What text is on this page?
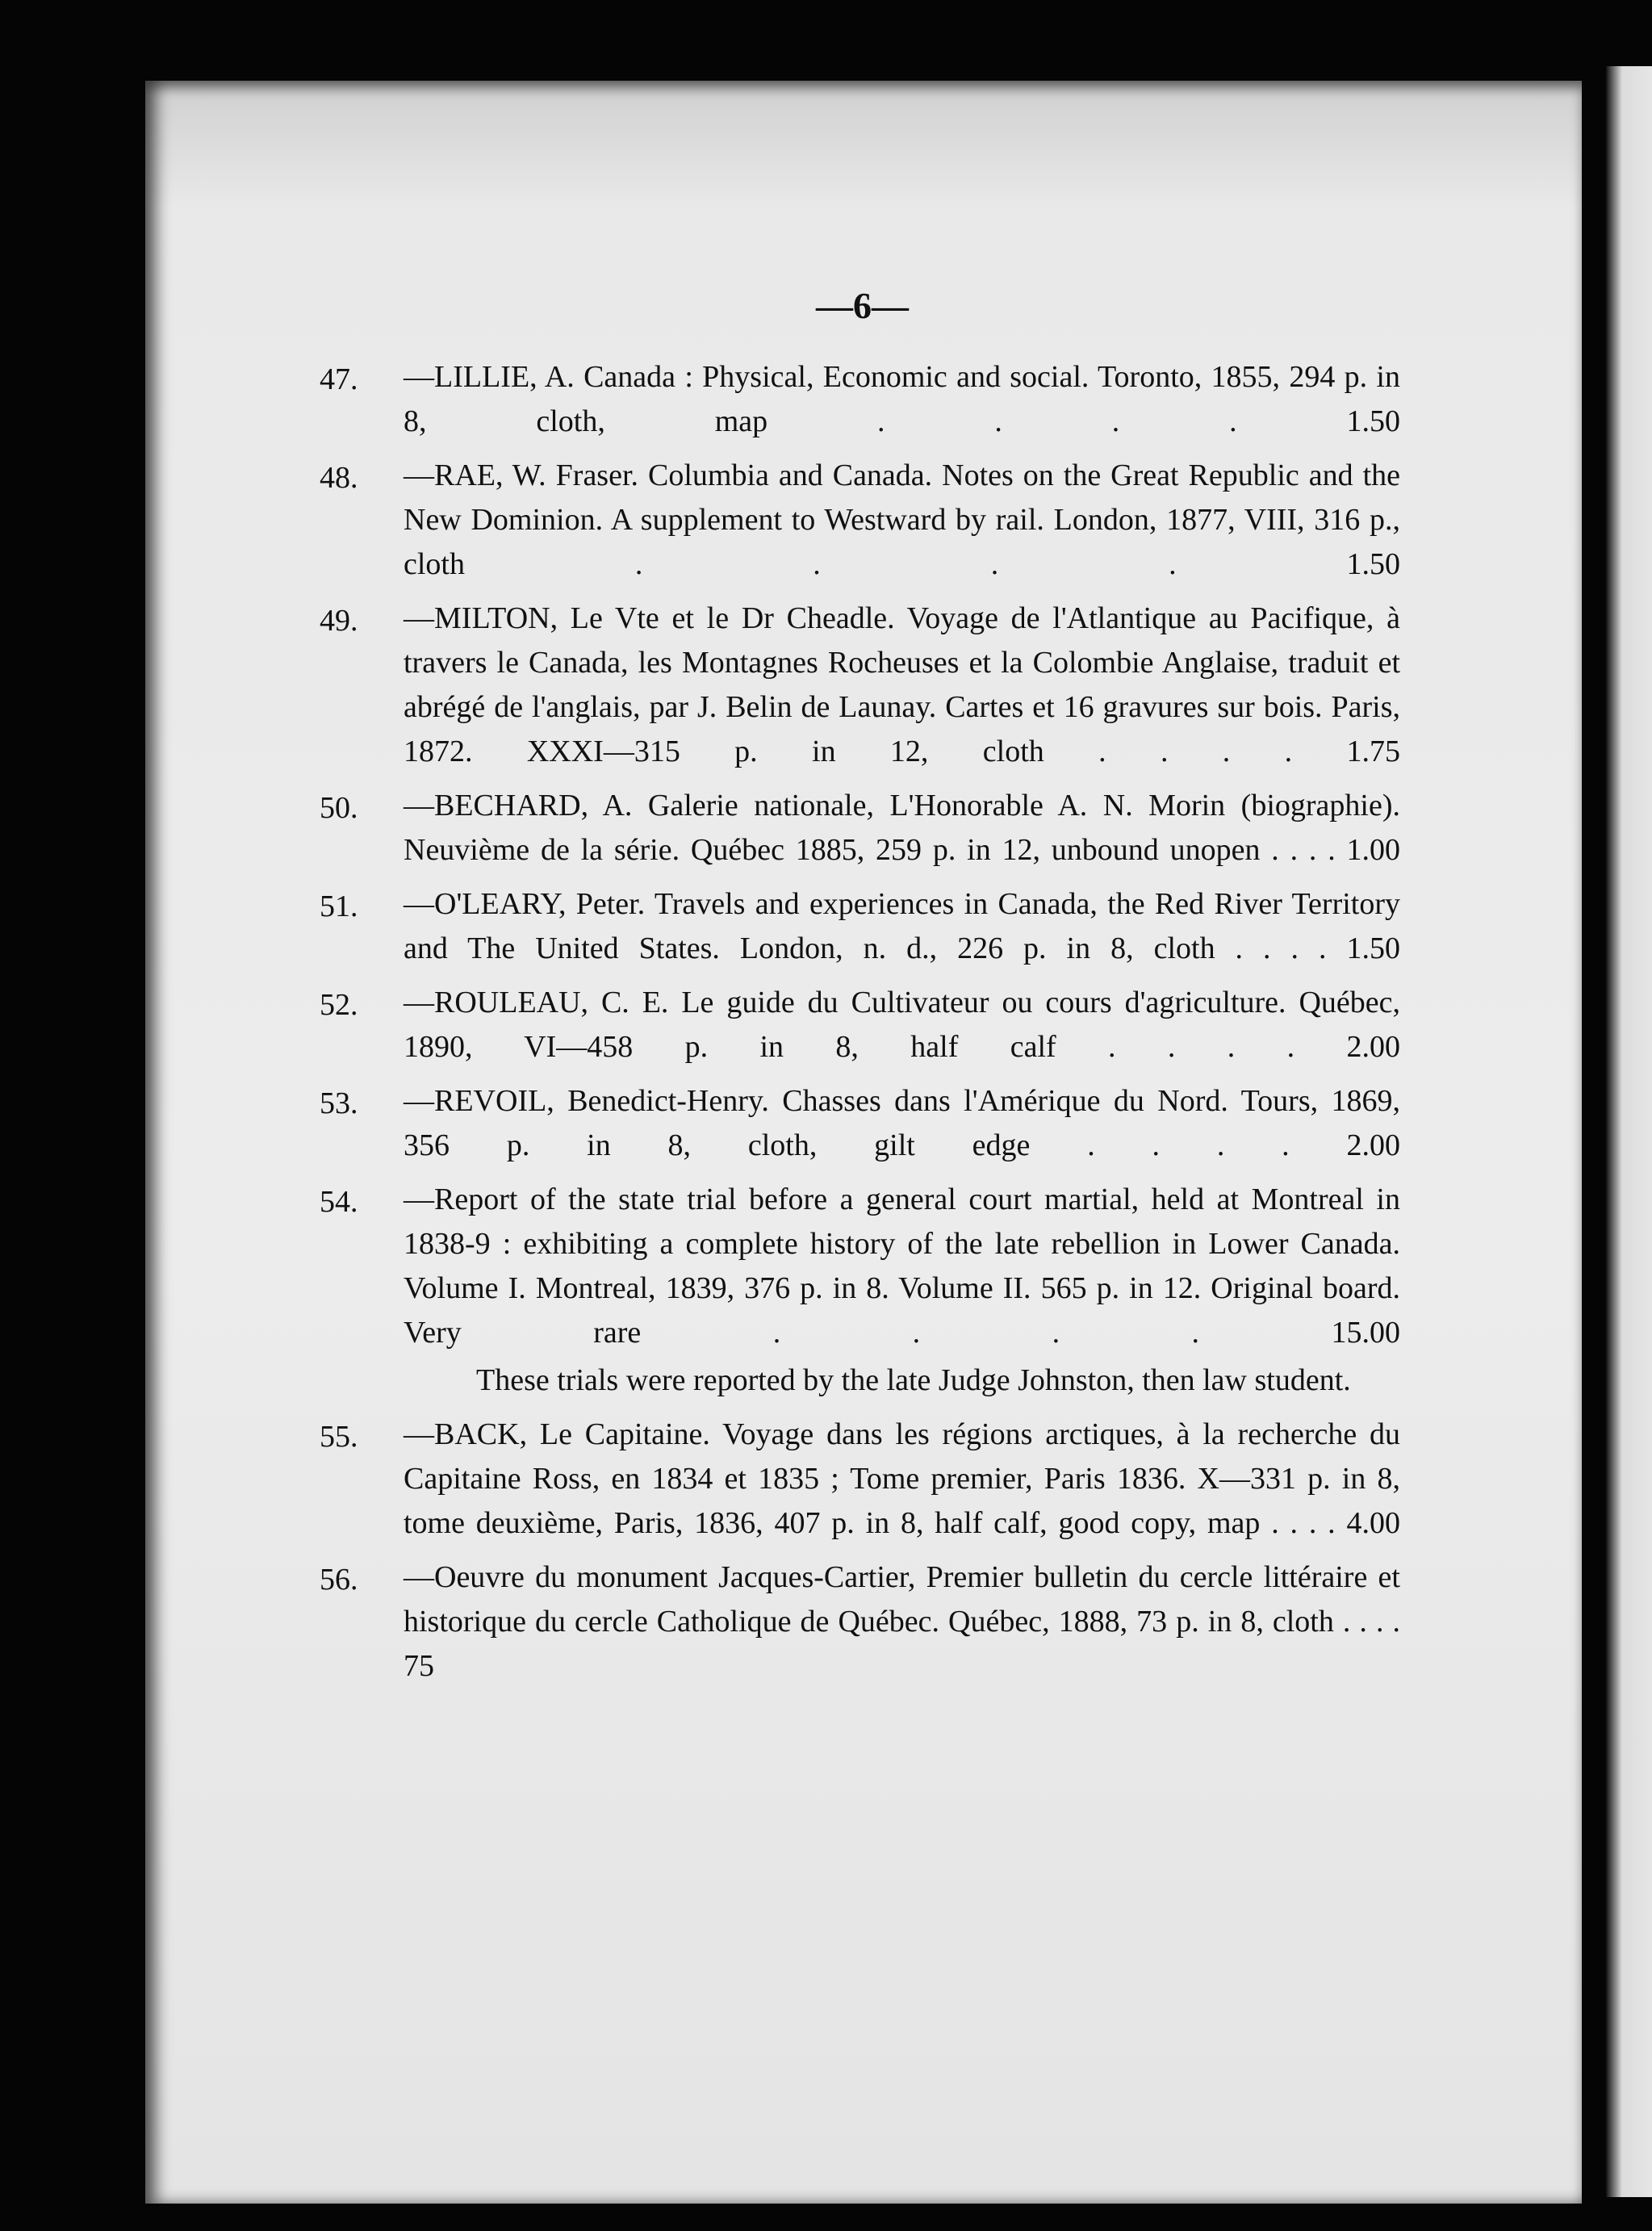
—6—
47. —LILLIE, A. Canada : Physical, Economic and social. Toronto, 1855, 294 p. in 8, cloth, map . . . . 1.50
48. —RAE, W. Fraser. Columbia and Canada. Notes on the Great Republic and the New Dominion. A supplement to Westward by rail. London, 1877, VIII, 316 p., cloth . . . . 1.50
49. —MILTON, Le Vte et le Dr Cheadle. Voyage de l'Atlantique au Pacifique, à travers le Canada, les Montagnes Rocheuses et la Colombie Anglaise, traduit et abrégé de l'anglais, par J. Belin de Launay. Cartes et 16 gravures sur bois. Paris, 1872. XXXI—315 p. in 12, cloth . . . . 1.75
50. —BECHARD, A. Galerie nationale, L'Honorable A. N. Morin (biographie). Neuvième de la série. Québec 1885, 259 p. in 12, unbound unopen . . . . 1.00
51. —O'LEARY, Peter. Travels and experiences in Canada, the Red River Territory and The United States. London, n. d., 226 p. in 8, cloth . . . . 1.50
52. —ROULEAU, C. E. Le guide du Cultivateur ou cours d'agriculture. Québec, 1890, VI—458 p. in 8, half calf . . . . 2.00
53. —REVOIL, Benedict-Henry. Chasses dans l'Amérique du Nord. Tours, 1869, 356 p. in 8, cloth, gilt edge . . . . 2.00
54. —Report of the state trial before a general court martial, held at Montreal in 1838-9 : exhibiting a complete history of the late rebellion in Lower Canada. Volume I. Montreal, 1839, 376 p. in 8. Volume II. 565 p. in 12. Original board. Very rare . . . . 15.00
These trials were reported by the late Judge Johnston, then law student.
55. —BACK, Le Capitaine. Voyage dans les régions arctiques, à la recherche du Capitaine Ross, en 1834 et 1835 ; Tome premier, Paris 1836. X—331 p. in 8, tome deuxième, Paris, 1836, 407 p. in 8, half calf, good copy, map . . . . 4.00
56. —Oeuvre du monument Jacques-Cartier, Premier bulletin du cercle littéraire et historique du cercle Catholique de Québec. Québec, 1888, 73 p. in 8, cloth . . . . 75
